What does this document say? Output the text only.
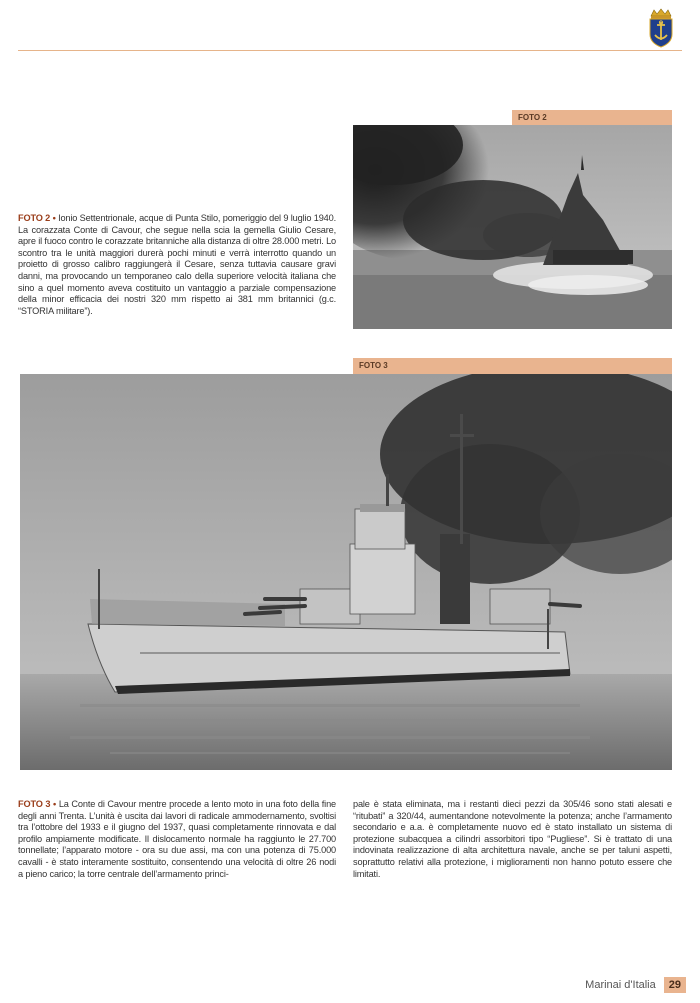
FOTO 2
FOTO 2 • Ionio Settentrionale, acque di Punta Stilo, pomeriggio del 9 luglio 1940. La corazzata Conte di Cavour, che segue nella scia la gemella Giulio Cesare, apre il fuoco contro le corazzate britanniche alla distanza di oltre 28.000 metri. Lo scontro tra le unità maggiori durerà pochi minuti e verrà interrotto quando un proietto di grosso calibro raggiungerà il Cesare, senza tuttavia causare gravi danni, ma provocando un temporaneo calo della superiore velocità italiana che sino a quel momento aveva costituito un vantaggio a parziale compensazione della minor efficacia dei nostri 320 mm rispetto ai 381 mm britannici (g.c. “STORIA militare”).
FOTO 3
FOTO 3 • La Conte di Cavour mentre procede a lento moto in una foto della fine degli anni Trenta. L’unità è uscita dai lavori di radicale ammodernamento, svoltisi tra l’ottobre del 1933 e il giugno del 1937, quasi completamente rinnovata e dal profilo ampiamente modificate. Il dislocamento normale ha raggiunto le 27.700 tonnellate; l’apparato motore - ora su due assi, ma con una potenza di 75.000 cavalli - è stato interamente sostituito, consentendo una velocità di oltre 26 nodi a pieno carico; la torre centrale dell’armamento princi-
pale è stata eliminata, ma i restanti dieci pezzi da 305/46 sono stati alesati e “ritubati” a 320/44, aumentandone notevolmente la potenza; anche l’armamento secondario e a.a. è completamente nuovo ed è stato installato un sistema di protezione subacquea a cilindri assorbitori tipo “Pugliese”. Si è trattato di una indovinata realizzazione di alta architettura navale, anche se per taluni aspetti, soprattutto relativi alla protezione, i miglioramenti non hanno potuto essere che limitati.
Marinai d'Italia	29
